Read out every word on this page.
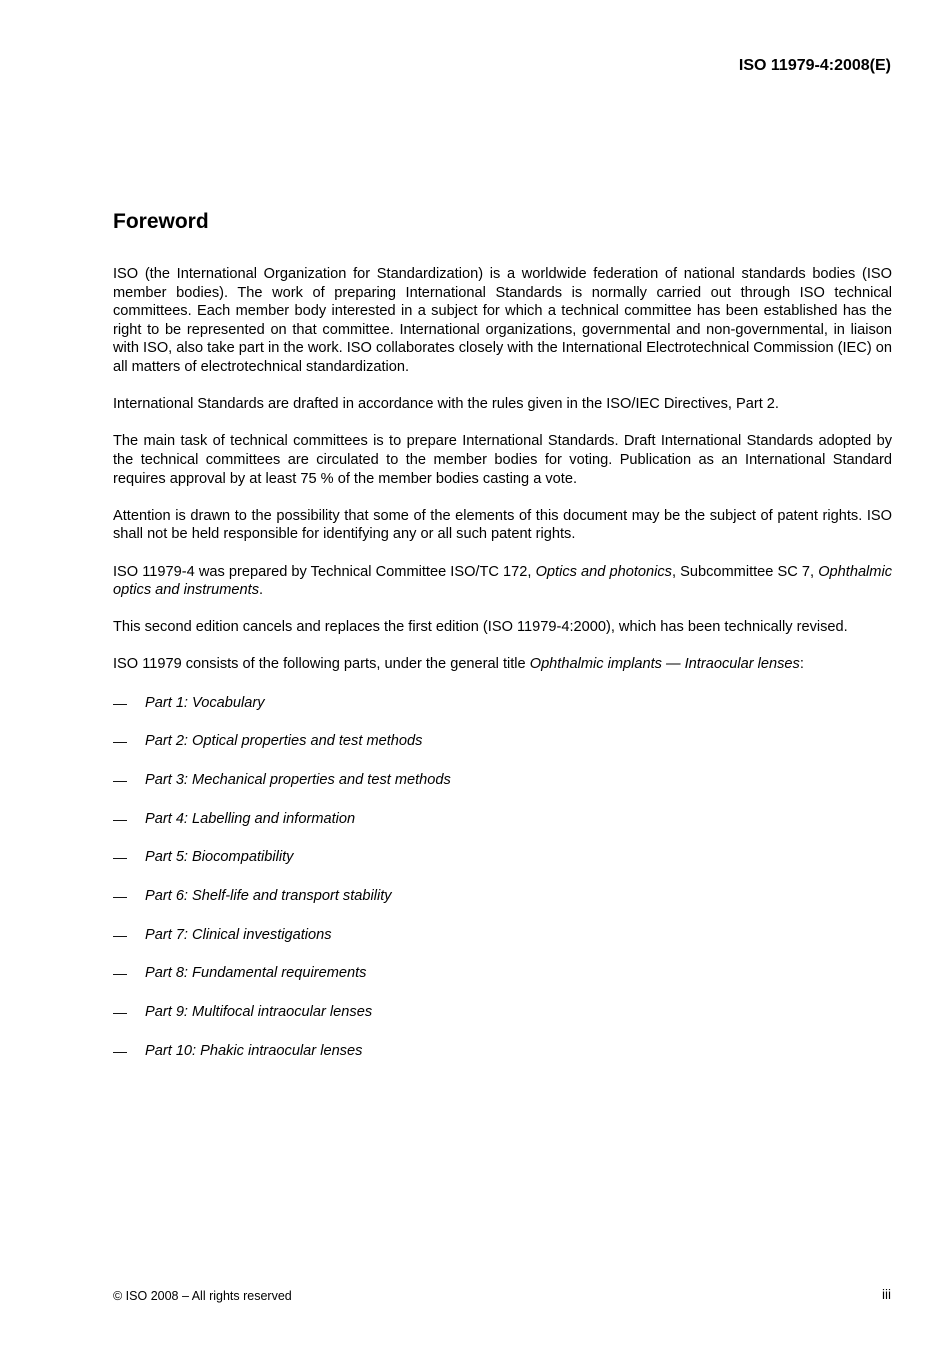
ISO 11979-4:2008(E)
Foreword

ISO (the International Organization for Standardization) is a worldwide federation of national standards bodies (ISO member bodies). The work of preparing International Standards is normally carried out through ISO technical committees. Each member body interested in a subject for which a technical committee has been established has the right to be represented on that committee. International organizations, governmental and non-governmental, in liaison with ISO, also take part in the work. ISO collaborates closely with the International Electrotechnical Commission (IEC) on all matters of electrotechnical standardization.

International Standards are drafted in accordance with the rules given in the ISO/IEC Directives, Part 2.

The main task of technical committees is to prepare International Standards. Draft International Standards adopted by the technical committees are circulated to the member bodies for voting. Publication as an International Standard requires approval by at least 75 % of the member bodies casting a vote.

Attention is drawn to the possibility that some of the elements of this document may be the subject of patent rights. ISO shall not be held responsible for identifying any or all such patent rights.

ISO 11979-4 was prepared by Technical Committee ISO/TC 172, Optics and photonics, Subcommittee SC 7, Ophthalmic optics and instruments.

This second edition cancels and replaces the first edition (ISO 11979-4:2000), which has been technically revised.

ISO 11979 consists of the following parts, under the general title Ophthalmic implants — Intraocular lenses:

— Part 1: Vocabulary
— Part 2: Optical properties and test methods
— Part 3: Mechanical properties and test methods
— Part 4: Labelling and information
— Part 5: Biocompatibility
— Part 6: Shelf-life and transport stability
— Part 7: Clinical investigations
— Part 8: Fundamental requirements
— Part 9: Multifocal intraocular lenses
— Part 10: Phakic intraocular lenses
© ISO 2008 – All rights reserved	iii
